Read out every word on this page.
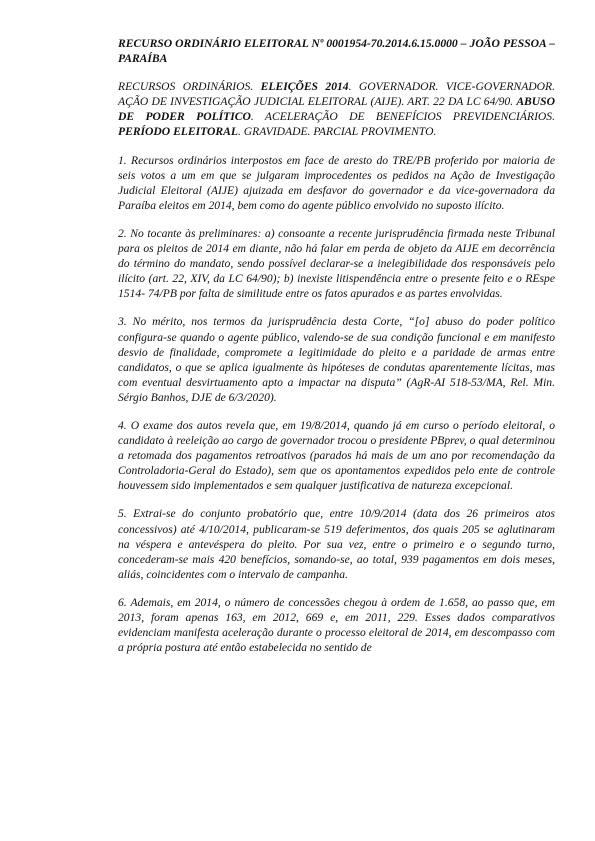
RECURSO ORDINÁRIO ELEITORAL Nº 0001954-70.2014.6.15.0000 – JOÃO PESSOA – PARAÍBA

RECURSOS ORDINÁRIOS. ELEIÇÕES 2014. GOVERNADOR. VICE-GOVERNADOR. AÇÃO DE INVESTIGAÇÃO JUDICIAL ELEITORAL (AIJE). ART. 22 DA LC 64/90. ABUSO DE PODER POLÍTICO. ACELERAÇÃO DE BENEFÍCIOS PREVIDENCIÁRIOS. PERÍODO ELEITORAL. GRAVIDADE. PARCIAL PROVIMENTO.

1. Recursos ordinários interpostos em face de aresto do TRE/PB proferido por maioria de seis votos a um em que se julgaram improcedentes os pedidos na Ação de Investigação Judicial Eleitoral (AIJE) ajuizada em desfavor do governador e da vice-governadora da Paraíba eleitos em 2014, bem como do agente público envolvido no suposto ilícito.

2. No tocante às preliminares: a) consoante a recente jurisprudência firmada neste Tribunal para os pleitos de 2014 em diante, não há falar em perda de objeto da AIJE em decorrência do término do mandato, sendo possível declarar-se a inelegibilidade dos responsáveis pelo ilícito (art. 22, XIV, da LC 64/90); b) inexiste litispendência entre o presente feito e o REspe 1514- 74/PB por falta de similitude entre os fatos apurados e as partes envolvidas.

3. No mérito, nos termos da jurisprudência desta Corte, “[o] abuso do poder político configura-se quando o agente público, valendo-se de sua condição funcional e em manifesto desvio de finalidade, compromete a legitimidade do pleito e a paridade de armas entre candidatos, o que se aplica igualmente às hipóteses de condutas aparentemente lícitas, mas com eventual desvirtuamento apto a impactar na disputa” (AgR-AI 518-53/MA, Rel. Min. Sérgio Banhos, DJE de 6/3/2020).

4. O exame dos autos revela que, em 19/8/2014, quando já em curso o período eleitoral, o candidato à reeleição ao cargo de governador trocou o presidente PBprev, o qual determinou a retomada dos pagamentos retroativos (parados há mais de um ano por recomendação da Controladoria-Geral do Estado), sem que os apontamentos expedidos pelo ente de controle houvessem sido implementados e sem qualquer justificativa de natureza excepcional.

5. Extrai-se do conjunto probatório que, entre 10/9/2014 (data dos 26 primeiros atos concessivos) até 4/10/2014, publicaram-se 519 deferimentos, dos quais 205 se aglutinaram na véspera e antevéspera do pleito. Por sua vez, entre o primeiro e o segundo turno, concederam-se mais 420 benefícios, somando-se, ao total, 939 pagamentos em dois meses, aliás, coincidentes com o intervalo de campanha.

6. Ademais, em 2014, o número de concessões chegou à ordem de 1.658, ao passo que, em 2013, foram apenas 163, em 2012, 669 e, em 2011, 229. Esses dados comparativos evidenciam manifesta aceleração durante o processo eleitoral de 2014, em descompasso com a própria postura até então estabelecida no sentido de
